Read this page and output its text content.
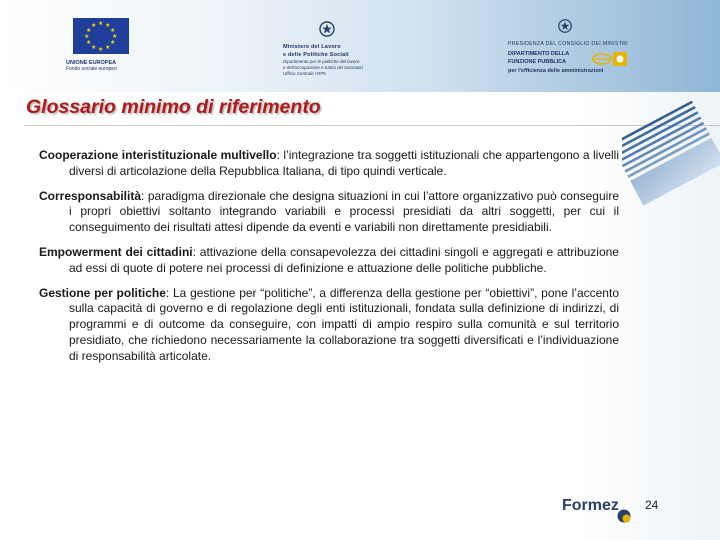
★ ★
★
★
★
★
★
★
★
★
★
★
UNIONE EUROPEA
Fondo sociale europeo
Ministero del Lavoro
e delle Politiche Sociali
Dipartimento per le politiche del lavoro
e dell'occupazione e tutela dei lavoratori
Ufficio Centrale OFPL
PRESIDENZA DEL CONSIGLIO DEI MINISTRI
DIPARTIMENTO DELLA
FUNZIONE PUBBLICA
per l'efficienza delle amministrazioni
Glossario minimo di riferimento

Cooperazione interistituzionale multivello: l’integrazione tra soggetti istituzionali che appartengono a livelli diversi di articolazione della Repubblica Italiana, di tipo quindi verticale.

Corresponsabilità: paradigma direzionale che designa situazioni in cui l’attore organizzativo può conseguire i propri obiettivi soltanto integrando variabili e processi presidiati da altri soggetti, per cui il conseguimento dei risultati attesi dipende da eventi e variabili non direttamente presidiabili.

Empowerment dei cittadini: attivazione della consapevolezza dei cittadini singoli e aggregati e attribuzione ad essi di quote di potere nei processi di definizione e attuazione delle politiche pubbliche.

Gestione per politiche: La gestione per “politiche”, a differenza della gestione per “obiettivi”, pone l’accento sulla capacità di governo e di regolazione degli enti istituzionali, fondata sulla definizione di indirizzi, di programmi e di outcome da conseguire, con impatti di ampio respiro sulla comunità e sul territorio presidiato, che richiedono necessariamente la collaborazione tra soggetti diversificati e l’individuazione di responsabilità articolate.

Formez 24
